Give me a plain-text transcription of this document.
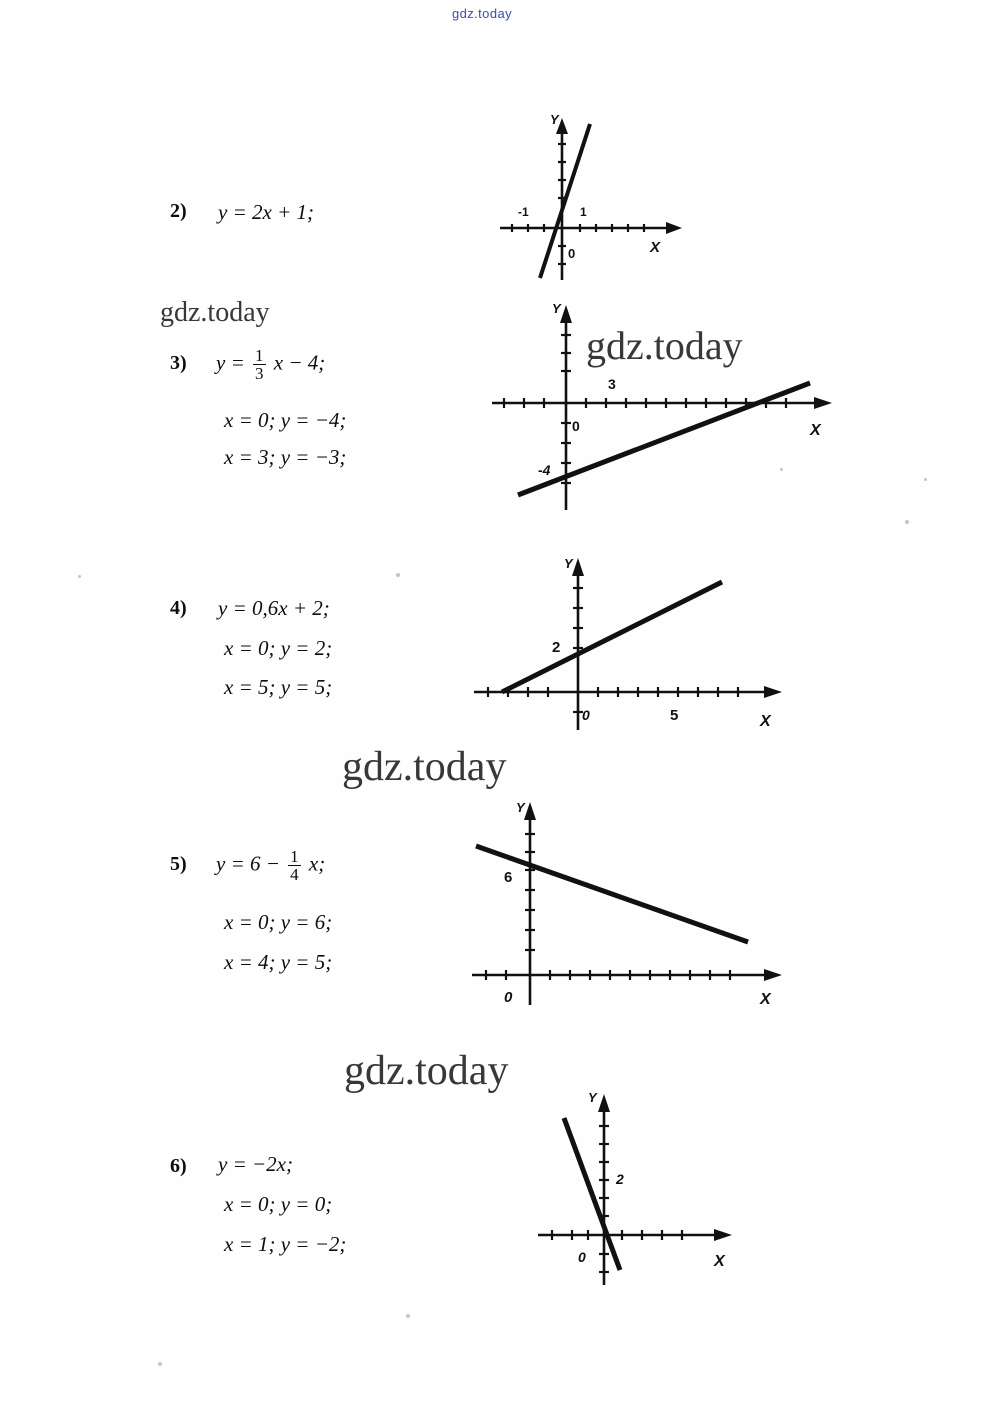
gdz.today
2) y = 2x + 1;
Y
X
-1	1
0
gdz.today
3) $y = \frac{1}{3}$ x − 4;
x = 0; y = −4;
x = 3; y = −3;
Y
X
3
0
-4
gdz.today
4) y = 0,6x + 2;
x = 0; y = 2;
x = 5; y = 5;
Y
X
2
0	5
gdz.today
5) $y = 6 - \frac{1}{4} x$;
x = 0; y = 6;
x = 4; y = 5;
Y
X
6
0
gdz.today
6) y = −2x;
x = 0; y = 0;
x = 1; y = −2;
Y
X
2
0
